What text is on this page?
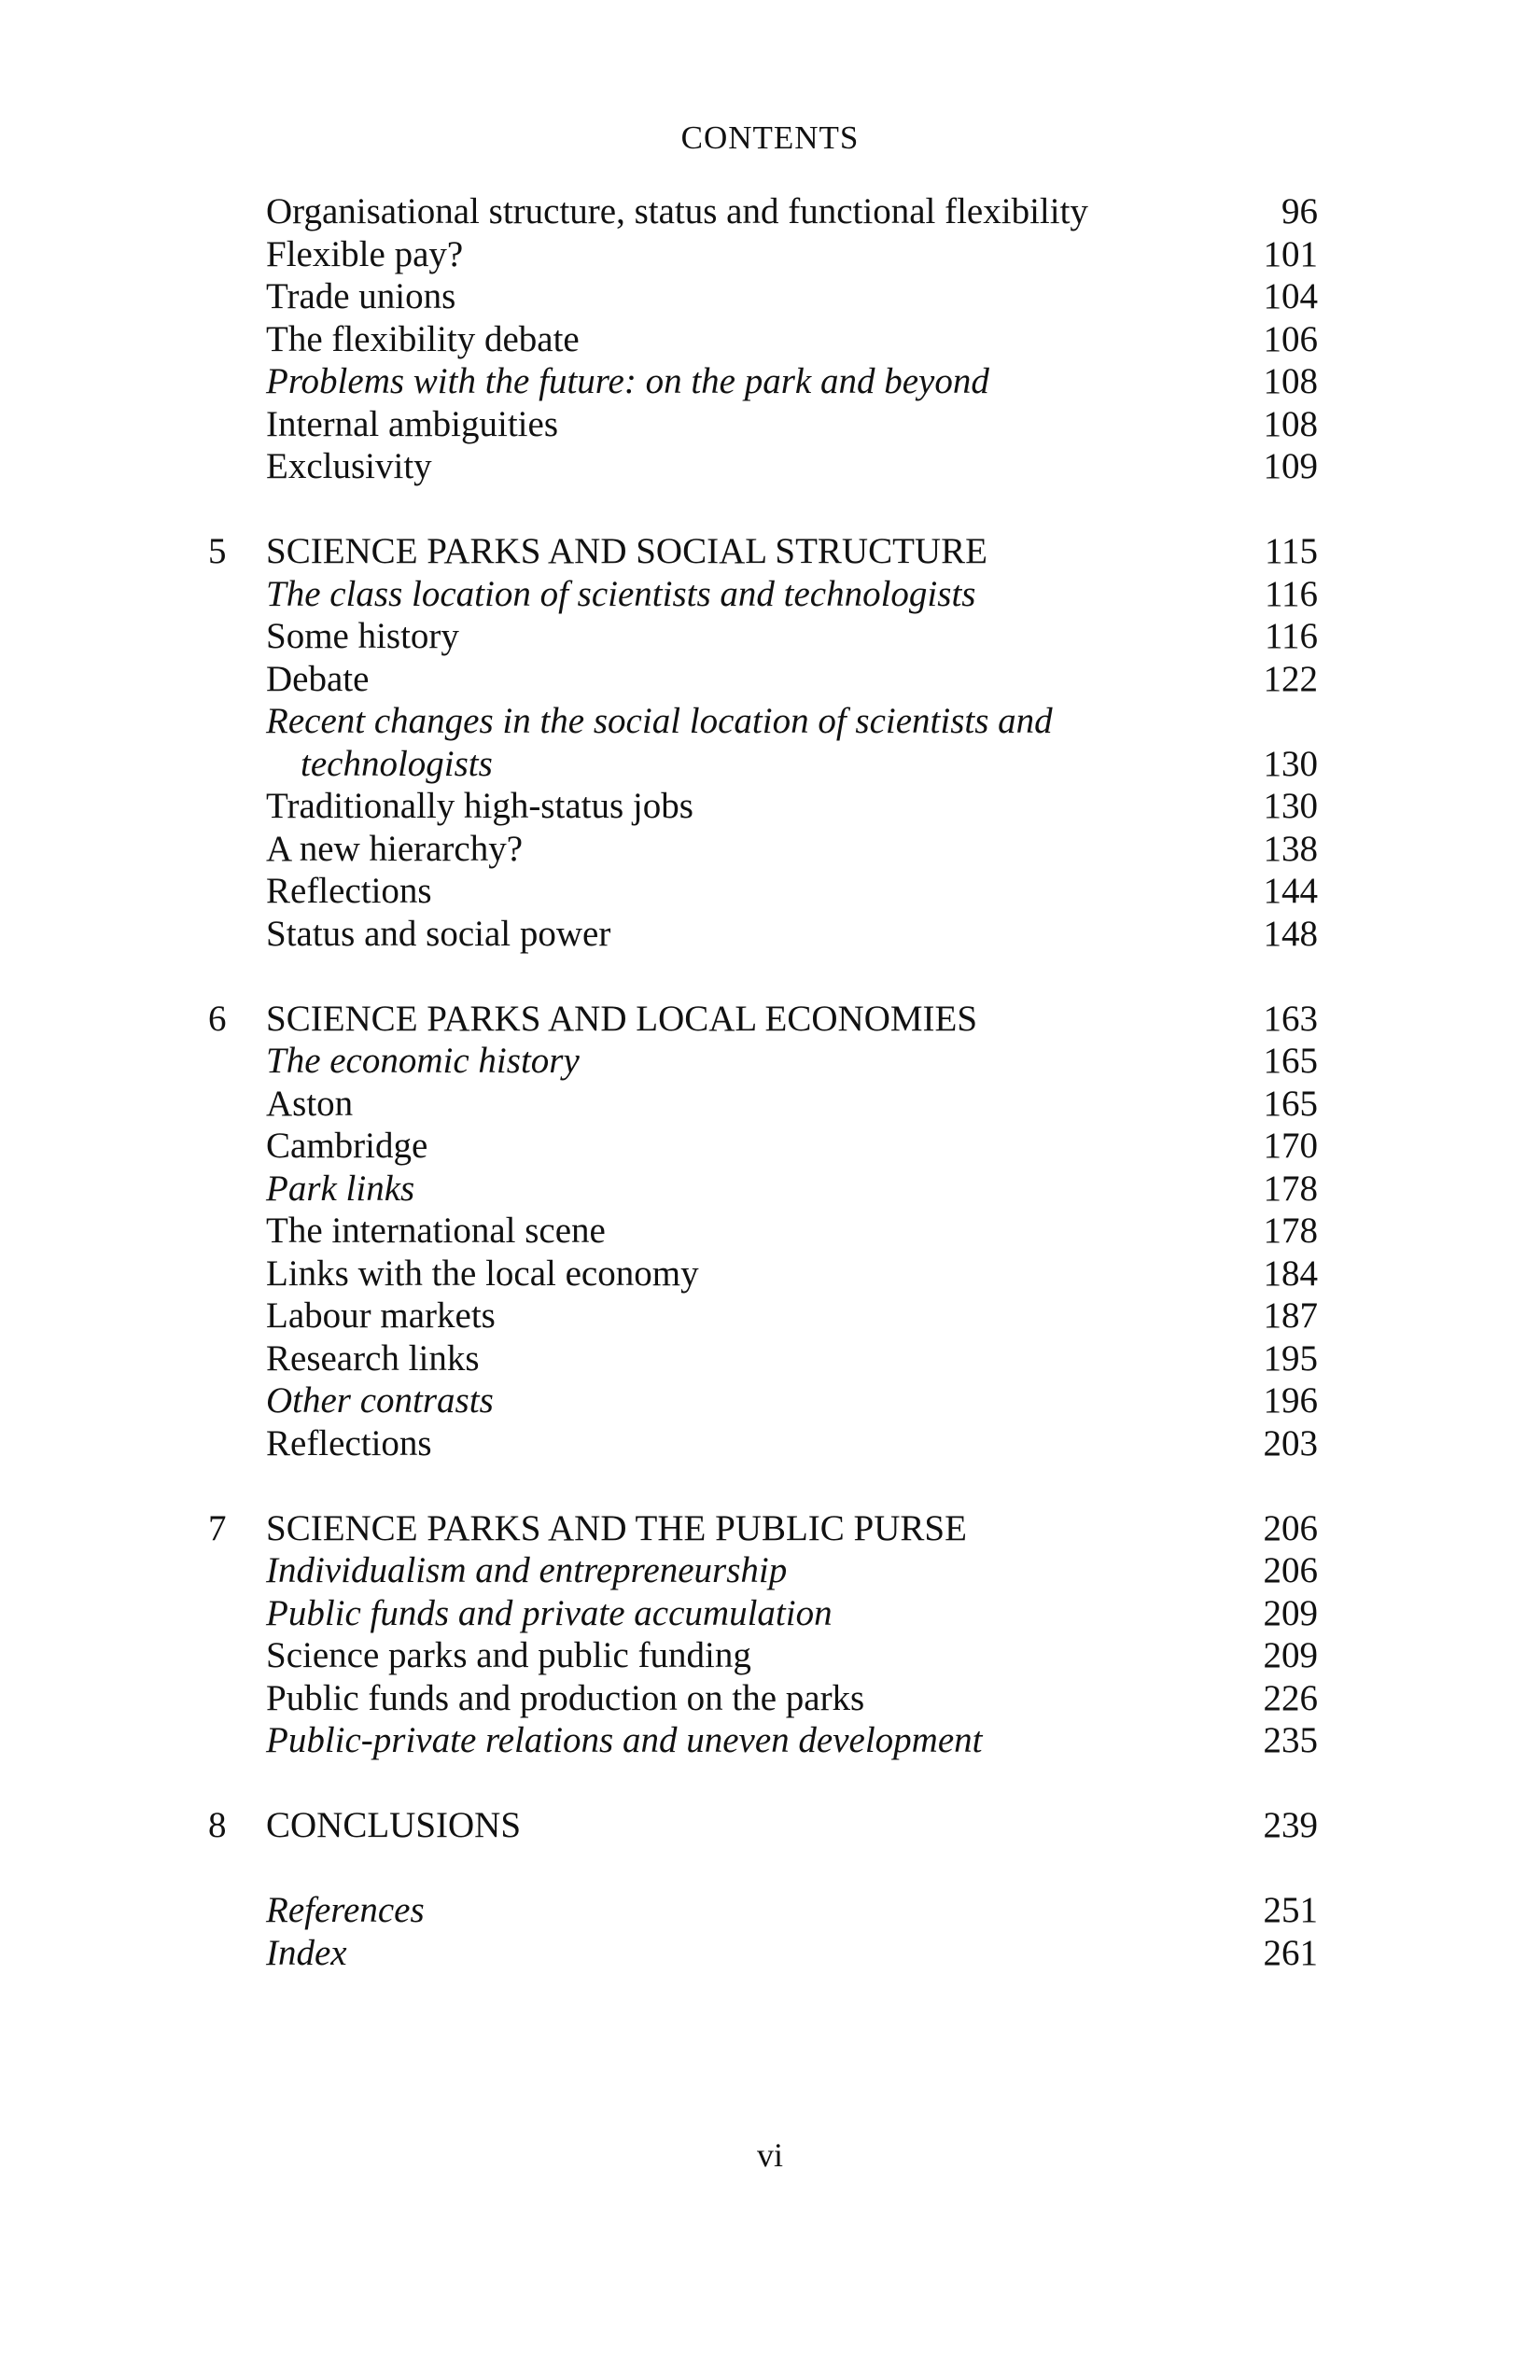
CONTENTS
Organisational structure, status and functional flexibility	96
Flexible pay?	101
Trade unions	104
The flexibility debate	106
Problems with the future: on the park and beyond	108
Internal ambiguities	108
Exclusivity	109
5 SCIENCE PARKS AND SOCIAL STRUCTURE	115
The class location of scientists and technologists	116
Some history	116
Debate	122
Recent changes in the social location of scientists and
technologists	130
Traditionally high-status jobs	130
A new hierarchy?	138
Reflections	144
Status and social power	148
6 SCIENCE PARKS AND LOCAL ECONOMIES	163
The economic history	165
Aston	165
Cambridge	170
Park links	178
The international scene	178
Links with the local economy	184
Labour markets	187
Research links	195
Other contrasts	196
Reflections	203
7 SCIENCE PARKS AND THE PUBLIC PURSE	206
Individualism and entrepreneurship	206
Public funds and private accumulation	209
Science parks and public funding	209
Public funds and production on the parks	226
Public-private relations and uneven development	235
8 CONCLUSIONS	239
References	251
Index	261
vi
